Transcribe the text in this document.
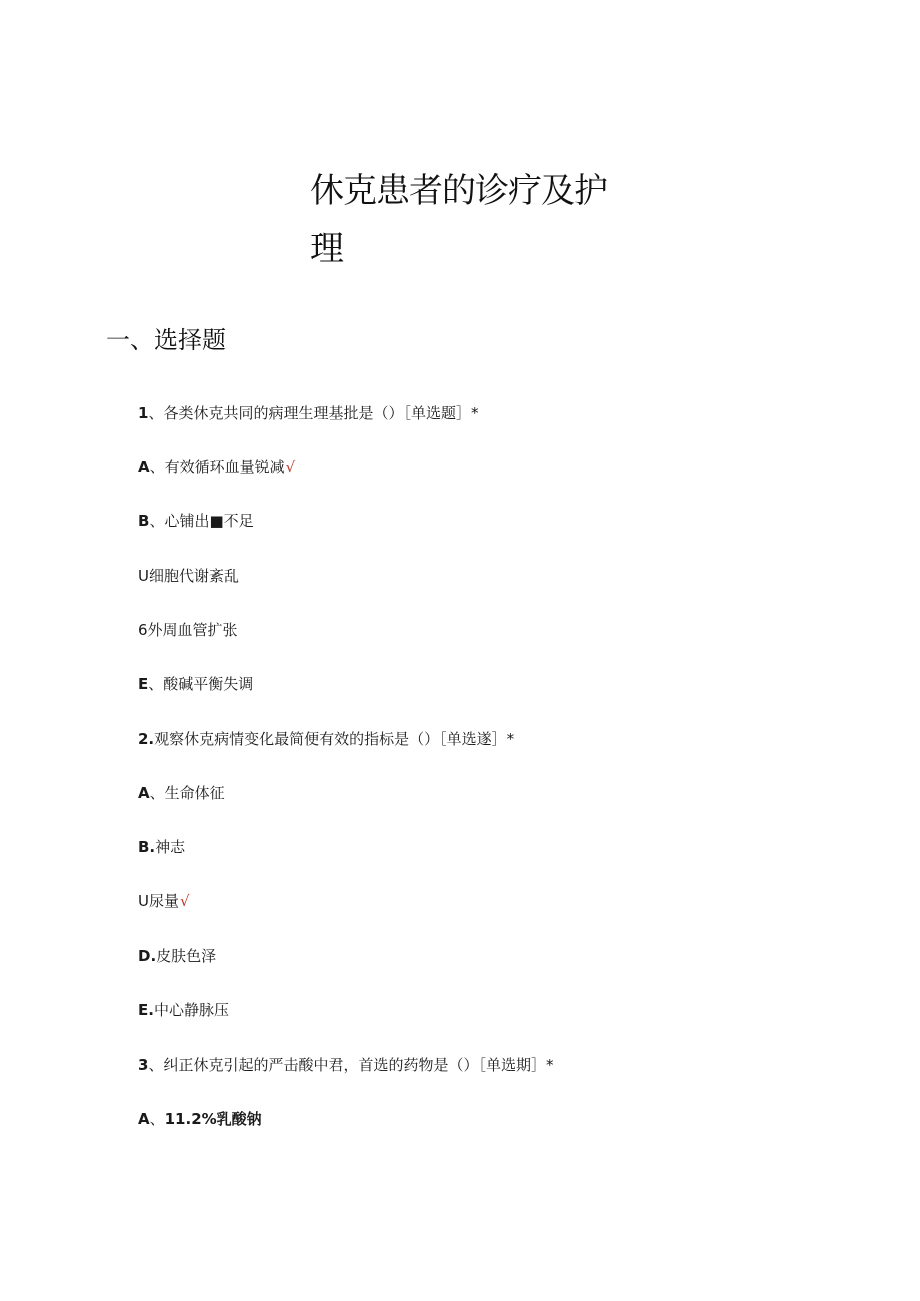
休克患者的诊疗及护
理
一、选择题
1、各类休克共同的病理生理基批是（）［单选题］*
A、有效循环血量锐减√
B、心铺出■不足
U细胞代谢紊乱
6外周血管扩张
E、酸碱平衡失调
2.观察休克病情变化最简便有效的指标是（）［单选遂］*
A、生命体征
B.神志
U尿量√
D.皮肤色泽
E.中心静脉压
3、纠正休克引起的严击酸中君，首选的药物是（）［单选期］*
A、11.2%乳酸钠
